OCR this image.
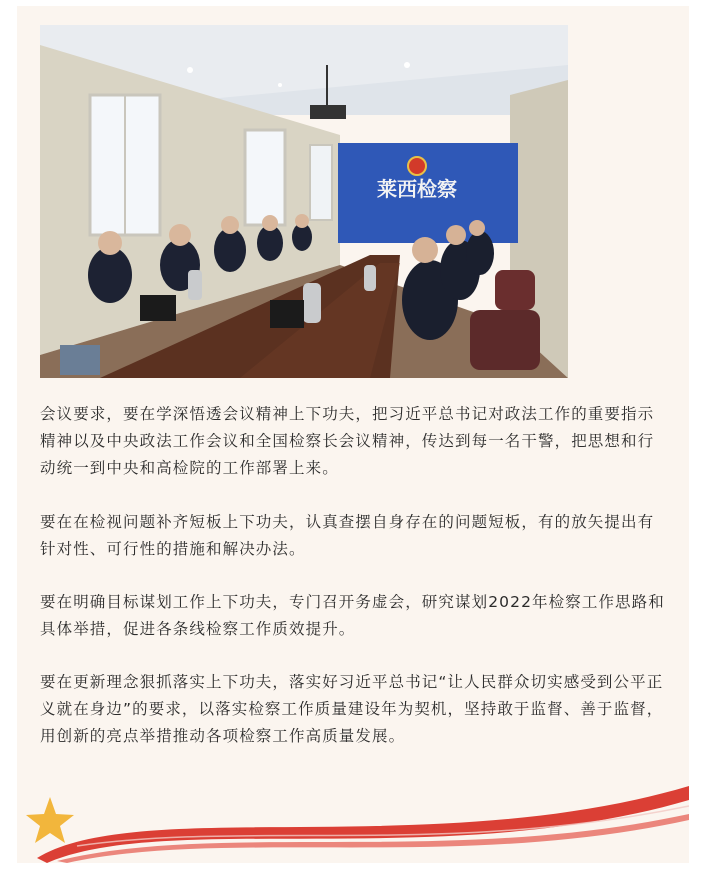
莱西检察

会议要求，要在学深悟透会议精神上下功夫，把习近平总书记对政法工作的重要指示精神以及中央政法工作会议和全国检察长会议精神，传达到每一名干警，把思想和行动统一到中央和高检院的工作部署上来。

要在在检视问题补齐短板上下功夫，认真查摆自身存在的问题短板，有的放矢提出有针对性、可行性的措施和解决办法。

要在明确目标谋划工作上下功夫，专门召开务虚会，研究谋划2022年检察工作思路和具体举措，促进各条线检察工作质效提升。

要在更新理念狠抓落实上下功夫，落实好习近平总书记“让人民群众切实感受到公平正义就在身边”的要求，以落实检察工作质量建设年为契机，坚持敢于监督、善于监督，用创新的亮点举措推动各项检察工作高质量发展。
